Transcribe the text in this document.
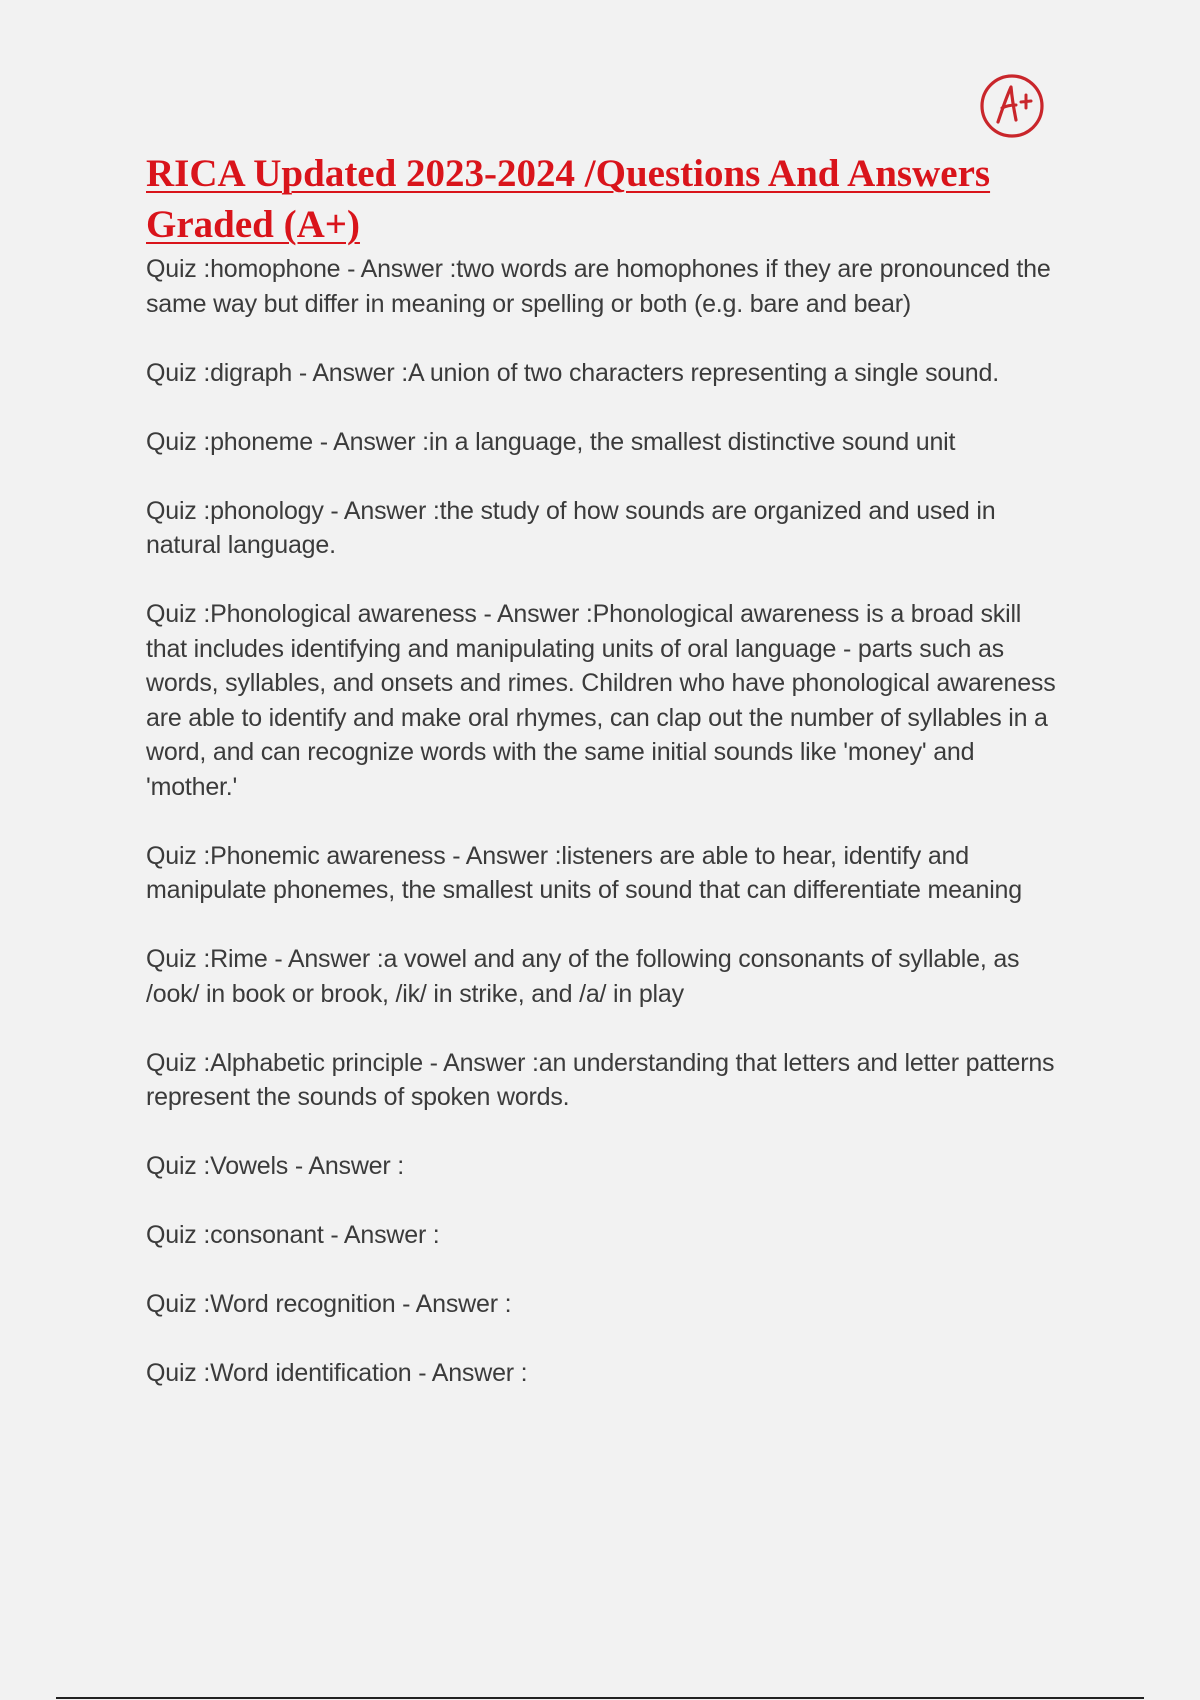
RICA Updated 2023-2024 /Questions And Answers Graded (A+)

Quiz :homophone - Answer :two words are homophones if they are pronounced the same way but differ in meaning or spelling or both (e.g. bare and bear)

Quiz :digraph - Answer :A union of two characters representing a single sound.

Quiz :phoneme - Answer :in a language, the smallest distinctive sound unit

Quiz :phonology - Answer :the study of how sounds are organized and used in natural language.

Quiz :Phonological awareness - Answer :Phonological awareness is a broad skill that includes identifying and manipulating units of oral language - parts such as words, syllables, and onsets and rimes. Children who have phonological awareness are able to identify and make oral rhymes, can clap out the number of syllables in a word, and can recognize words with the same initial sounds like 'money' and 'mother.'

Quiz :Phonemic awareness - Answer :listeners are able to hear, identify and manipulate phonemes, the smallest units of sound that can differentiate meaning

Quiz :Rime - Answer :a vowel and any of the following consonants of syllable, as /ook/ in book or brook, /ik/ in strike, and /a/ in play

Quiz :Alphabetic principle - Answer :an understanding that letters and letter patterns represent the sounds of spoken words.

Quiz :Vowels - Answer :

Quiz :consonant - Answer :

Quiz :Word recognition - Answer :

Quiz :Word identification - Answer :
